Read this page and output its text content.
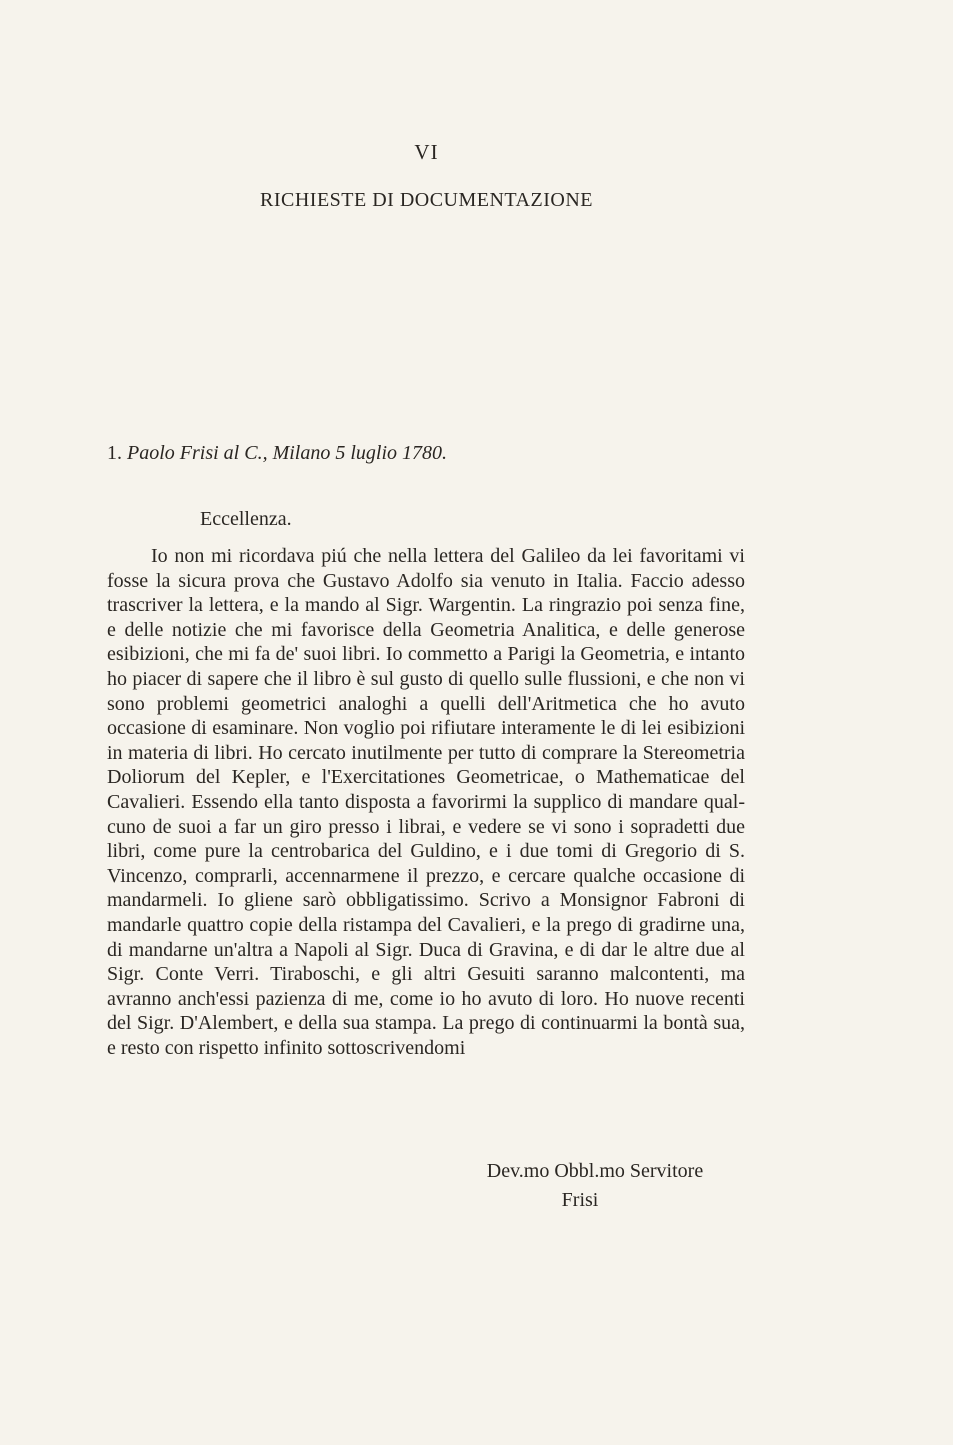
VI
RICHIESTE DI DOCUMENTAZIONE
1. Paolo Frisi al C., Milano 5 luglio 1780.
Eccellenza.

Io non mi ricordava piú che nella lettera del Galileo da lei favoritami vi fosse la sicura prova che Gustavo Adolfo sia venuto in Italia. Faccio adesso trascriver la lettera, e la mando al Sigr. Wargentin. La ringrazio poi senza fine, e delle notizie che mi favorisce della Geometria Analitica, e delle generose esibizioni, che mi fa de' suoi libri. Io commetto a Parigi la Geometria, e intanto ho piacer di sapere che il libro è sul gusto di quello sulle flussioni, e che non vi sono problemi geometrici analoghi a quelli dell'Aritmetica che ho avuto occasione di esaminare. Non voglio poi rifiutare interamente le di lei esibizioni in materia di libri. Ho cercato inutilmente per tutto di comprare la Stereometria Doliorum del Kepler, e l'Exercitationes Geometricae, o Mathematicae del Cavalieri. Essendo ella tanto disposta a favorirmi la supplico di mandare qualcuno de suoi a far un giro presso i librai, e vedere se vi sono i sopradetti due libri, come pure la centrobarica del Guldino, e i due tomi di Gregorio di S. Vincenzo, comprarli, accennarmene il prezzo, e cercare qualche occasione di mandarmeli. Io gliene sarò obbligatissimo. Scrivo a Monsignor Fabroni di mandarle quattro copie della ristampa del Cavalieri, e la prego di gradirne una, di mandarne un'altra a Napoli al Sigr. Duca di Gravina, e di dar le altre due al Sigr. Conte Verri. Tiraboschi, e gli altri Gesuiti saranno malcontenti, ma avranno anch'essi pazienza di me, come io ho avuto di loro. Ho nuove recenti del Sigr. D'Alembert, e della sua stampa. La prego di continuarmi la bontà sua, e resto con rispetto infinito sottoscrivendomi

Dev.mo Obbl.mo Servitore
Frisi
